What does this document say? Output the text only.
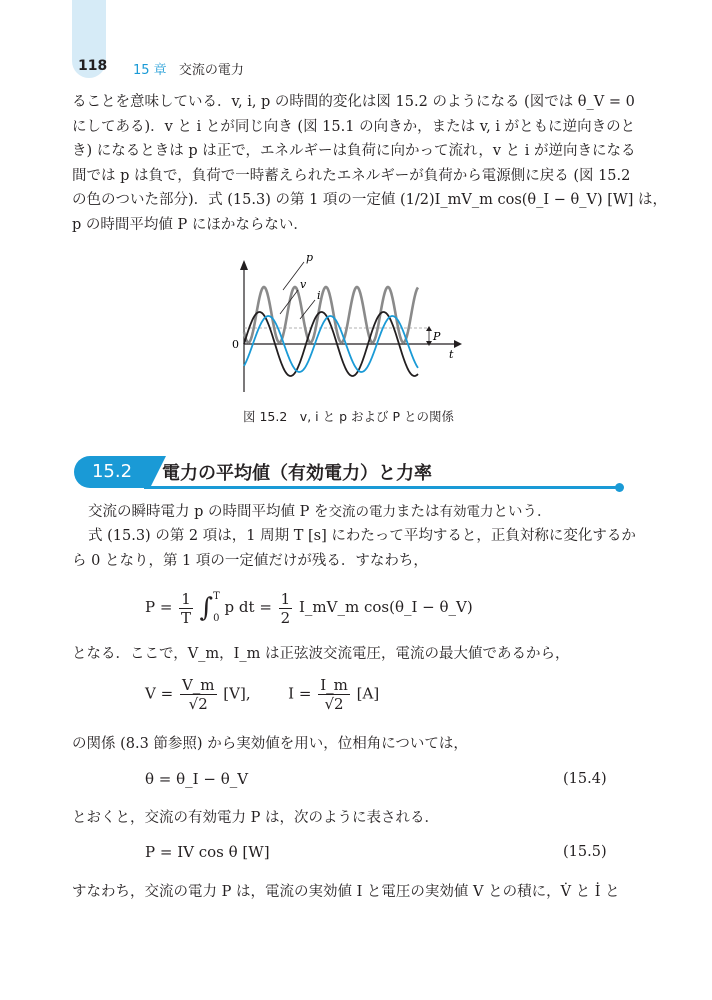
118 15 章 交流の電力

ることを意味している．v, i, p の時間的変化は図 15.2 のようになる (図では θ_V = 0

にしてある)．v と i とが同じ向き (図 15.1 の向きか，または v, i がともに逆向きのと

き) になるときは p は正で，エネルギーは負荷に向かって流れ，v と i が逆向きになる

間では p は負で，負荷で一時蓄えられたエネルギーが負荷から電源側に戻る (図 15.2

の色のついた部分)．式 (15.3) の第 1 項の一定値 (1/2)I_mV_m cos(θ_I − θ_V) [W] は，

p の時間平均値 P にほかならない．

p
v
i
P
0
t
図 15.2　v, i と p および P との関係
15.2	電力の平均値（有効電力）と力率

交流の瞬時電力 p の時間平均値 P を交流の電力または有効電力という．

式 (15.3) の第 2 項は，1 周期 T [s] にわたって平均すると，正負対称に変化するか

ら 0 となり，第 1 項の一定値だけが残る．すなわち，

$P = \frac{1}{T}$ ∫ T
0
p dt = $\frac{1}{2}$ I_mV_m cos(θ_I − θ_V)

となる．ここで，V_m，I_m は正弦波交流電圧，電流の最大値であるから，

$V = \frac{V\_m}{√2} [V]$,	$I = \frac{I\_m}{√2} [A]$

の関係 (8.3 節参照) から実効値を用い，位相角については，

θ = θ_I − θ_V	(15.4)

とおくと，交流の有効電力 P は，次のように表される．

P = IV cos θ [W]	(15.5)

すなわち，交流の電力 P は，電流の実効値 I と電圧の実効値 V との積に，V̇ と İ と
